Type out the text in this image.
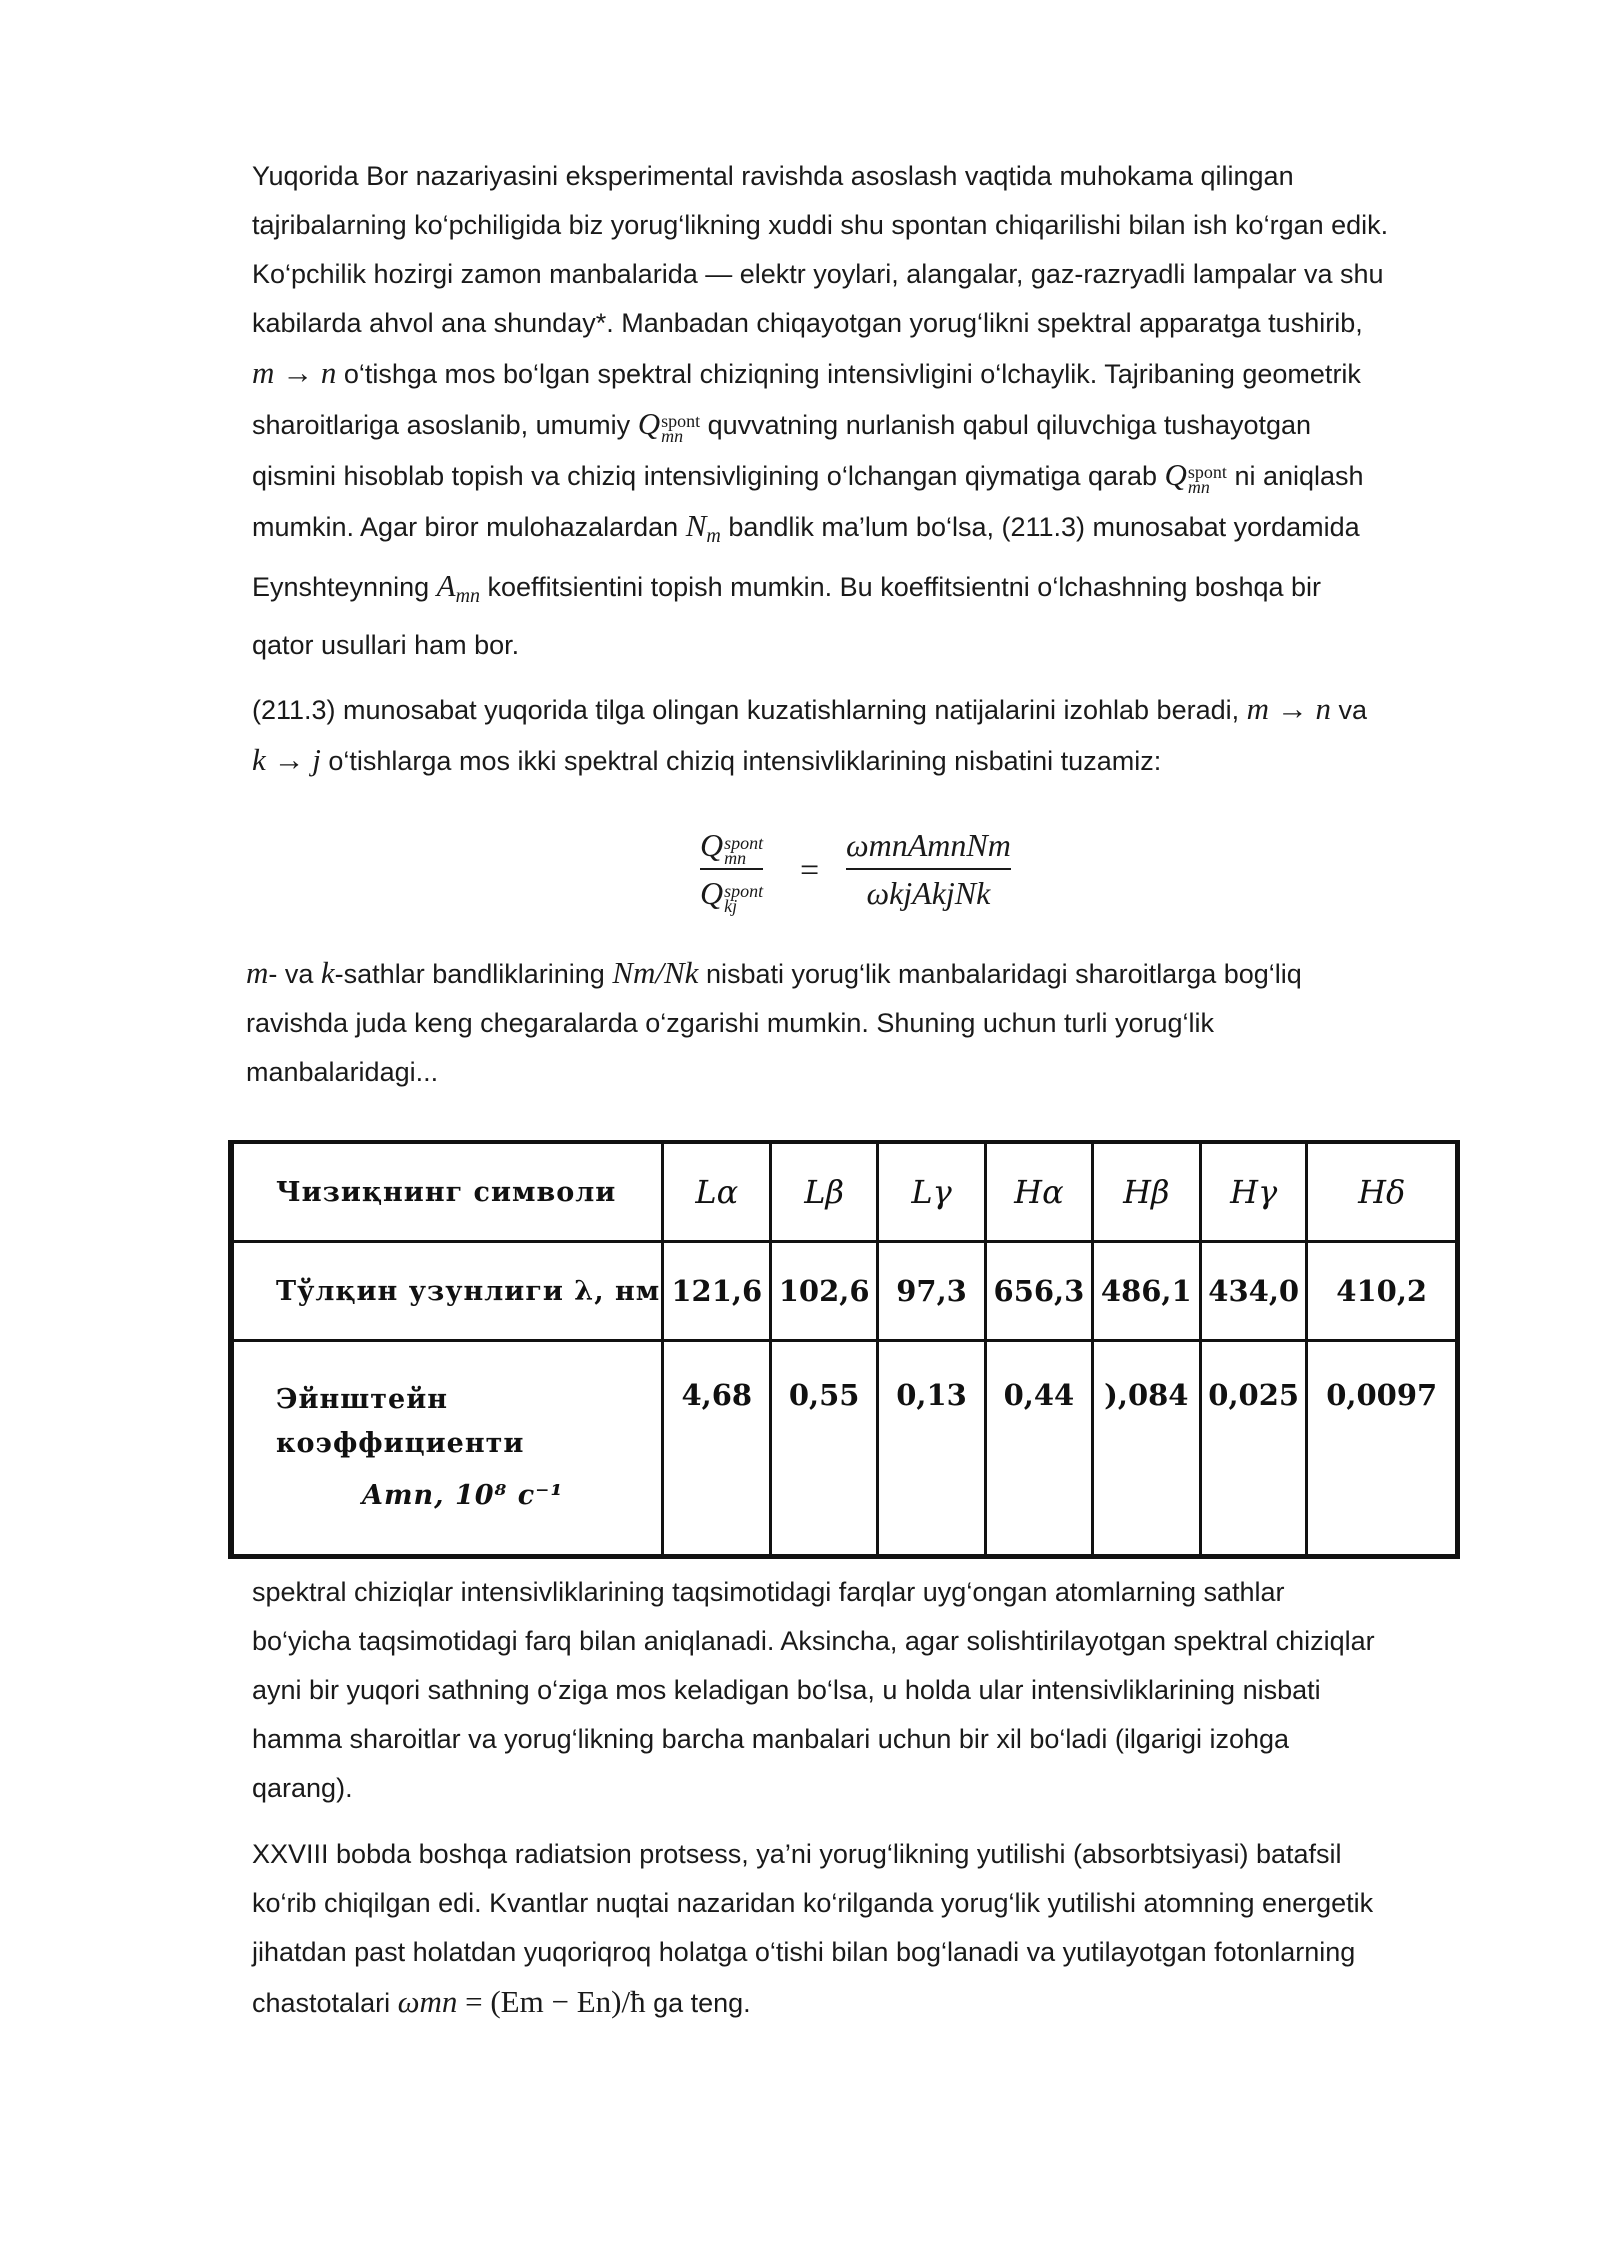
Yuqorida Bor nazariyasini eksperimental ravishda asoslash vaqtida muhokama qilingan
tajribalarning ko‘pchiligida biz yorug‘likning xuddi shu spontan chiqarilishi bilan ish ko‘rgan edik.
Ko‘pchilik hozirgi zamon manbalarida — elektr yoylari, alangalar, gaz-razryadli lampalar va shu
kabilarda ahvol ana shunday*. Manbadan chiqayotgan yorug‘likni spektral apparatga tushirib,
m → n o‘tishga mos bo‘lgan spektral chiziqning intensivligini o‘lchaylik. Tajribaning geometrik
sharoitlariga asoslanib, umumiy Q spont
mn quvvatning nurlanish qabul qiluvchiga tushayotgan
qismini hisoblab topish va chiziq intensivligining o‘lchangan qiymatiga qarab Q spont
mn ni aniqlash
mumkin. Agar biror mulohazalardan $N_m$ bandlik ma’lum bo‘lsa, (211.3) munosabat yordamida
Eynshteynning $A_{mn}$ koeffitsientini topish mumkin. Bu koeffitsientni o‘lchashning boshqa bir
qator usullari ham bor.
(211.3) munosabat yuqorida tilga olingan kuzatishlarning natijalarini izohlab beradi, m → n va
k → j o‘tishlarga mos ikki spektral chiziq intensivliklarining nisbatini tuzamiz:
Q spont
mn
Q spont
kj
=
ωmnAmnNm
ωkjAkjNk
m- va k-sathlar bandliklarining Nm/Nk nisbati yorug‘lik manbalaridagi sharoitlarga bog‘liq
ravishda juda keng chegaralarda o‘zgarishi mumkin. Shuning uchun turli yorug‘lik
manbalaridagi...
Чизиқнинг символи	Lα	Lβ	Lγ	Hα	Hβ	Hγ	Hδ
Тўлқин узунлиги λ, нм	121,6	102,6	97,3	656,3	486,1	434,0	410,2

Эйнштейн коэффициенти
Amn, 10⁸ с⁻¹	4,68	0,55	0,13	0,44	),084	0,025	0,0097
spektral chiziqlar intensivliklarining taqsimotidagi farqlar uyg‘ongan atomlarning sathlar
bo‘yicha taqsimotidagi farq bilan aniqlanadi. Aksincha, agar solishtirilayotgan spektral chiziqlar
ayni bir yuqori sathning o‘ziga mos keladigan bo‘lsa, u holda ular intensivliklarining nisbati
hamma sharoitlar va yorug‘likning barcha manbalari uchun bir xil bo‘ladi (ilgarigi izohga
qarang).
XXVIII bobda boshqa radiatsion protsess, ya’ni yorug‘likning yutilishi (absorbtsiyasi) batafsil
ko‘rib chiqilgan edi. Kvantlar nuqtai nazaridan ko‘rilganda yorug‘lik yutilishi atomning energetik
jihatdan past holatdan yuqoriqroq holatga o‘tishi bilan bog‘lanadi va yutilayotgan fotonlarning
chastotalari ωmn = (Em − En)/ħ ga teng.
